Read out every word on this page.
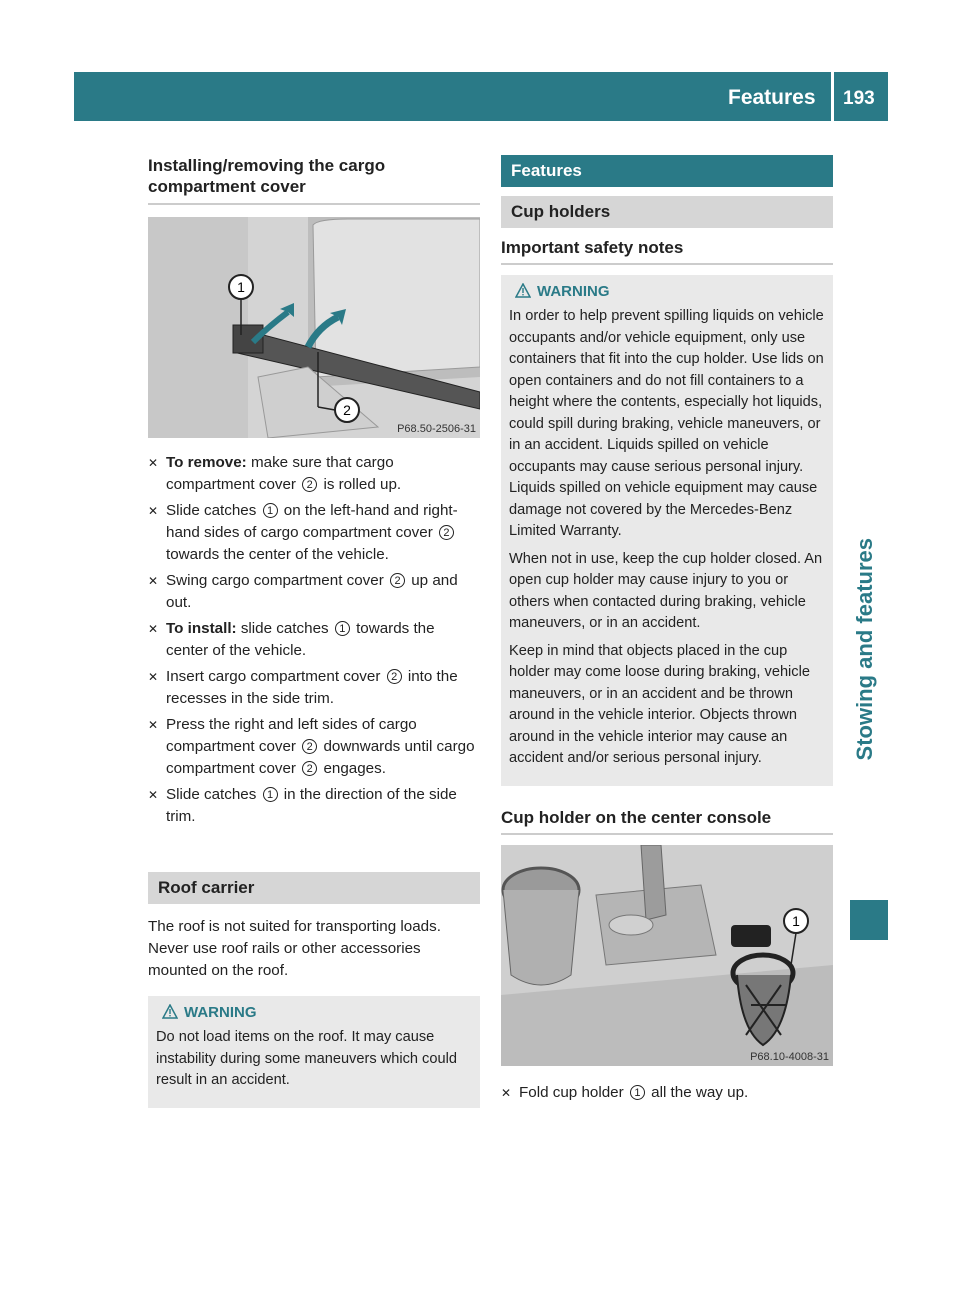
Features 193
Stowing and features
Installing/removing the cargo compartment cover
1
2
P68.50-2506-31
✕ To remove: make sure that cargo compartment cover 2 is rolled up.
✕ Slide catches 1 on the left-hand and right-hand sides of cargo compartment cover 2 towards the center of the vehicle.
✕ Swing cargo compartment cover 2 up and out.
✕ To install: slide catches 1 towards the center of the vehicle.
✕ Insert cargo compartment cover 2 into the recesses in the side trim.
✕ Press the right and left sides of cargo compartment cover 2 downwards until cargo compartment cover 2 engages.
✕ Slide catches 1 in the direction of the side trim.
Roof carrier

The roof is not suited for transporting loads. Never use roof rails or other accessories mounted on the roof.

WARNING

Do not load items on the roof. It may cause instability during some maneuvers which could result in an accident.

Features
Cup holders
Important safety notes
WARNING

In order to help prevent spilling liquids on vehicle occupants and/or vehicle equipment, only use containers that fit into the cup holder. Use lids on open containers and do not fill containers to a height where the contents, especially hot liquids, could spill during braking, vehicle maneuvers, or in an accident. Liquids spilled on vehicle occupants may cause serious personal injury. Liquids spilled on vehicle equipment may cause damage not covered by the Mercedes-Benz Limited Warranty.

When not in use, keep the cup holder closed. An open cup holder may cause injury to you or others when contacted during braking, vehicle maneuvers, or in an accident.

Keep in mind that objects placed in the cup holder may come loose during braking, vehicle maneuvers, or in an accident and be thrown around in the vehicle interior. Objects thrown around in the vehicle interior may cause an accident and/or serious personal injury.

Cup holder on the center console
1
P68.10-4008-31
✕ Fold cup holder 1 all the way up.
